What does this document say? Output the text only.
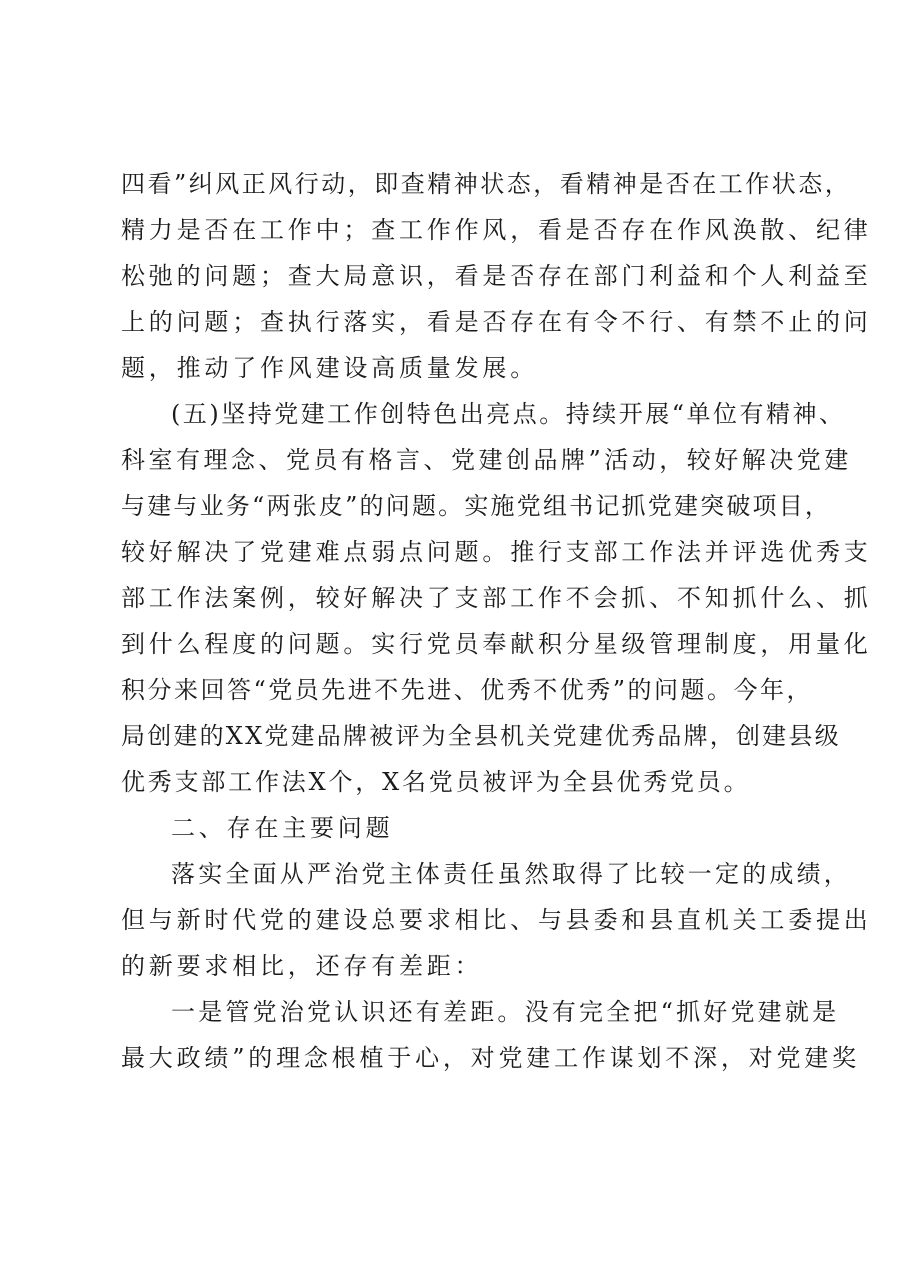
四看”纠风正风行动，即查精神状态，看精神是否在工作状态，
精力是否在工作中；查工作作风，看是否存在作风涣散、纪律
松弛的问题；查大局意识，看是否存在部门利益和个人利益至
上的问题；查执行落实，看是否存在有令不行、有禁不止的问
题，推动了作风建设高质量发展。
(五)坚持党建工作创特色出亮点。持续开展“单位有精神、
科室有理念、党员有格言、党建创品牌”活动，较好解决党建
与建与业务“两张皮”的问题。实施党组书记抓党建突破项目，
较好解决了党建难点弱点问题。推行支部工作法并评选优秀支
部工作法案例，较好解决了支部工作不会抓、不知抓什么、抓
到什么程度的问题。实行党员奉献积分星级管理制度，用量化
积分来回答“党员先进不先进、优秀不优秀”的问题。今年，
局创建的XX党建品牌被评为全县机关党建优秀品牌，创建县级
优秀支部工作法X个，X名党员被评为全县优秀党员。
二、存在主要问题
落实全面从严治党主体责任虽然取得了比较一定的成绩，
但与新时代党的建设总要求相比、与县委和县直机关工委提出
的新要求相比，还存有差距：
一是管党治党认识还有差距。没有完全把“抓好党建就是
最大政绩”的理念根植于心，对党建工作谋划不深，对党建奖
